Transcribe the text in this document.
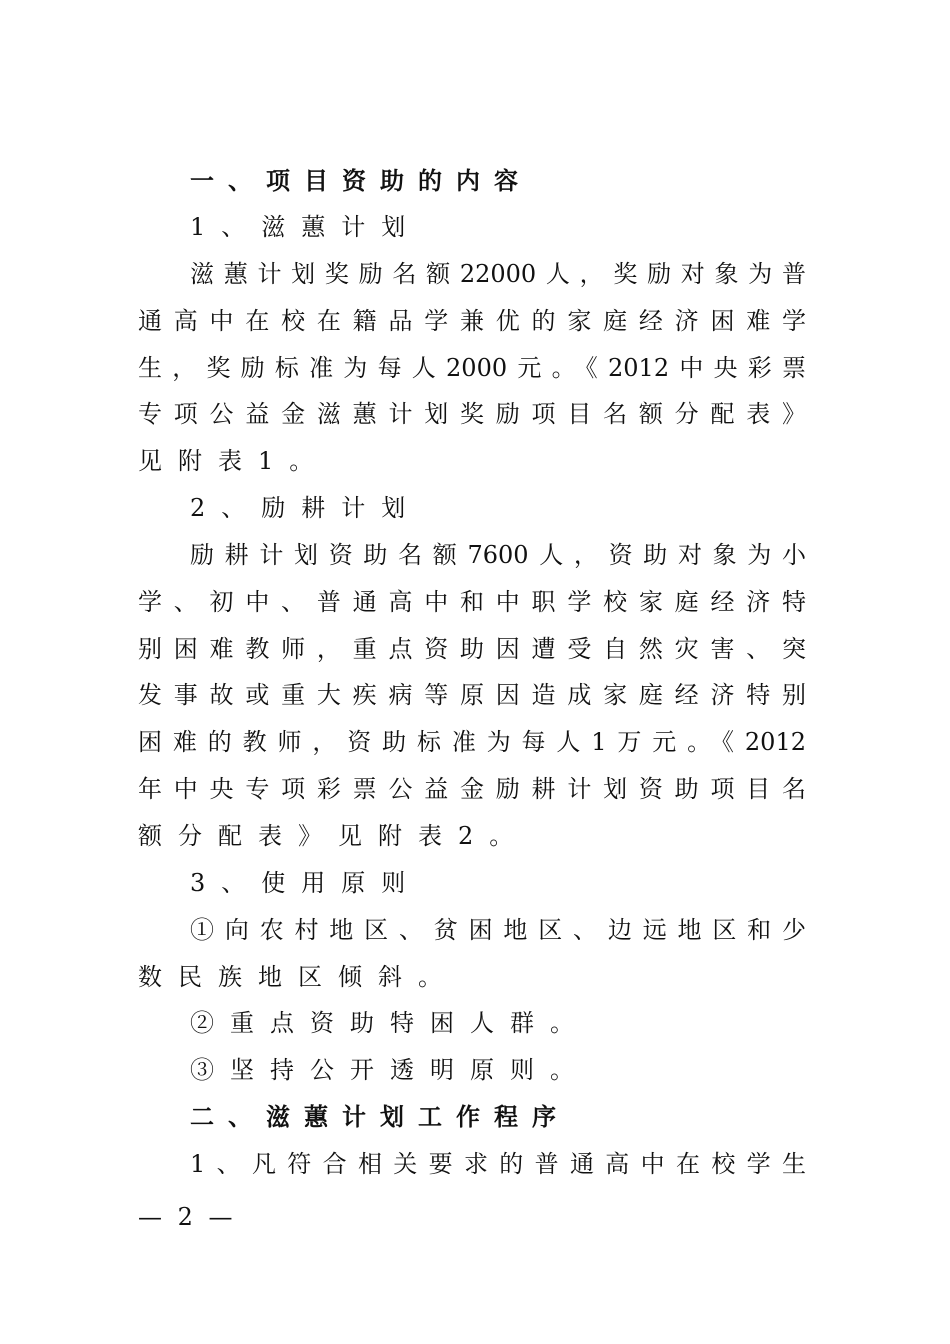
一、项目资助的内容
1、滋蕙计划
滋蕙计划奖励名额22000人，奖励对象为普
通高中在校在籍品学兼优的家庭经济困难学
生，奖励标准为每人2000元。《2012中央彩票
专项公益金滋蕙计划奖励项目名额分配表》
见附表1。
2、励耕计划
励耕计划资助名额7600人，资助对象为小
学、初中、普通高中和中职学校家庭经济特
别困难教师，重点资助因遭受自然灾害、突
发事故或重大疾病等原因造成家庭经济特别
困难的教师，资助标准为每人1万元。《2012
年中央专项彩票公益金励耕计划资助项目名
额分配表》见附表2。
3、使用原则
①向农村地区、贫困地区、边远地区和少
数民族地区倾斜。
②重点资助特困人群。
③坚持公开透明原则。
二、滋蕙计划工作程序
1、凡符合相关要求的普通高中在校学生
— 2 —
